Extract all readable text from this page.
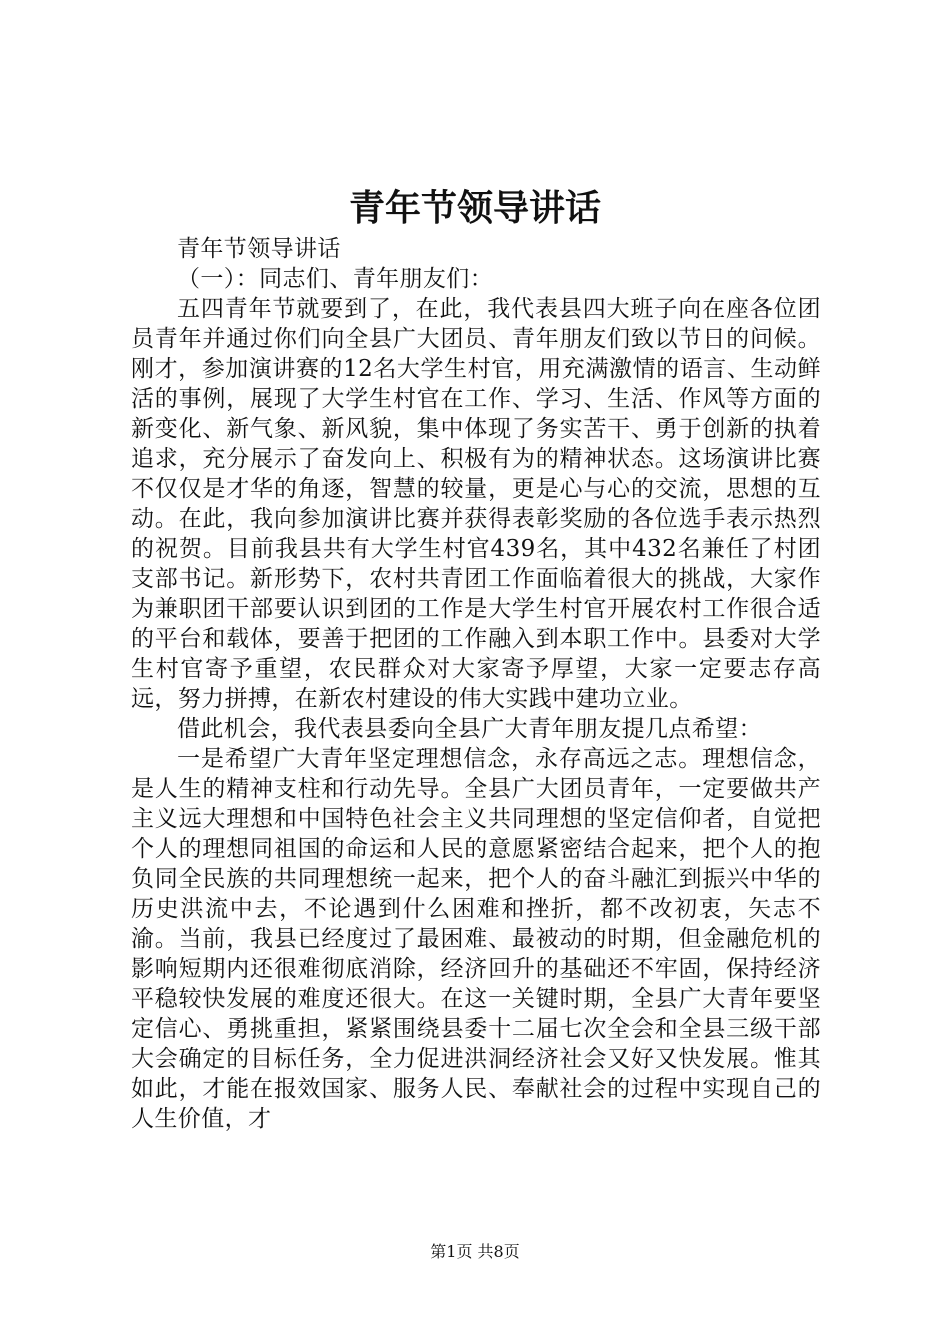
青年节领导讲话

青年节领导讲话

（一）：同志们、青年朋友们：

五四青年节就要到了，在此，我代表县四大班子向在座各位团员青年并通过你们向全县广大团员、青年朋友们致以节日的问候。刚才，参加演讲赛的12名大学生村官，用充满激情的语言、生动鲜活的事例，展现了大学生村官在工作、学习、生活、作风等方面的新变化、新气象、新风貌，集中体现了务实苦干、勇于创新的执着追求，充分展示了奋发向上、积极有为的精神状态。这场演讲比赛不仅仅是才华的角逐，智慧的较量，更是心与心的交流，思想的互动。在此，我向参加演讲比赛并获得表彰奖励的各位选手表示热烈的祝贺。目前我县共有大学生村官439名，其中432名兼任了村团支部书记。新形势下，农村共青团工作面临着很大的挑战，大家作为兼职团干部要认识到团的工作是大学生村官开展农村工作很合适的平台和载体，要善于把团的工作融入到本职工作中。县委对大学生村官寄予重望，农民群众对大家寄予厚望，大家一定要志存高远，努力拼搏，在新农村建设的伟大实践中建功立业。

借此机会，我代表县委向全县广大青年朋友提几点希望：

一是希望广大青年坚定理想信念，永存高远之志。理想信念，是人生的精神支柱和行动先导。全县广大团员青年，一定要做共产主义远大理想和中国特色社会主义共同理想的坚定信仰者，自觉把个人的理想同祖国的命运和人民的意愿紧密结合起来，把个人的抱负同全民族的共同理想统一起来，把个人的奋斗融汇到振兴中华的历史洪流中去，不论遇到什么困难和挫折，都不改初衷，矢志不渝。当前，我县已经度过了最困难、最被动的时期，但金融危机的影响短期内还很难彻底消除，经济回升的基础还不牢固，保持经济平稳较快发展的难度还很大。在这一关键时期，全县广大青年要坚定信心、勇挑重担，紧紧围绕县委十二届七次全会和全县三级干部大会确定的目标任务，全力促进洪洞经济社会又好又快发展。惟其如此，才能在报效国家、服务人民、奉献社会的过程中实现自己的人生价值，才

第1页 共8页
